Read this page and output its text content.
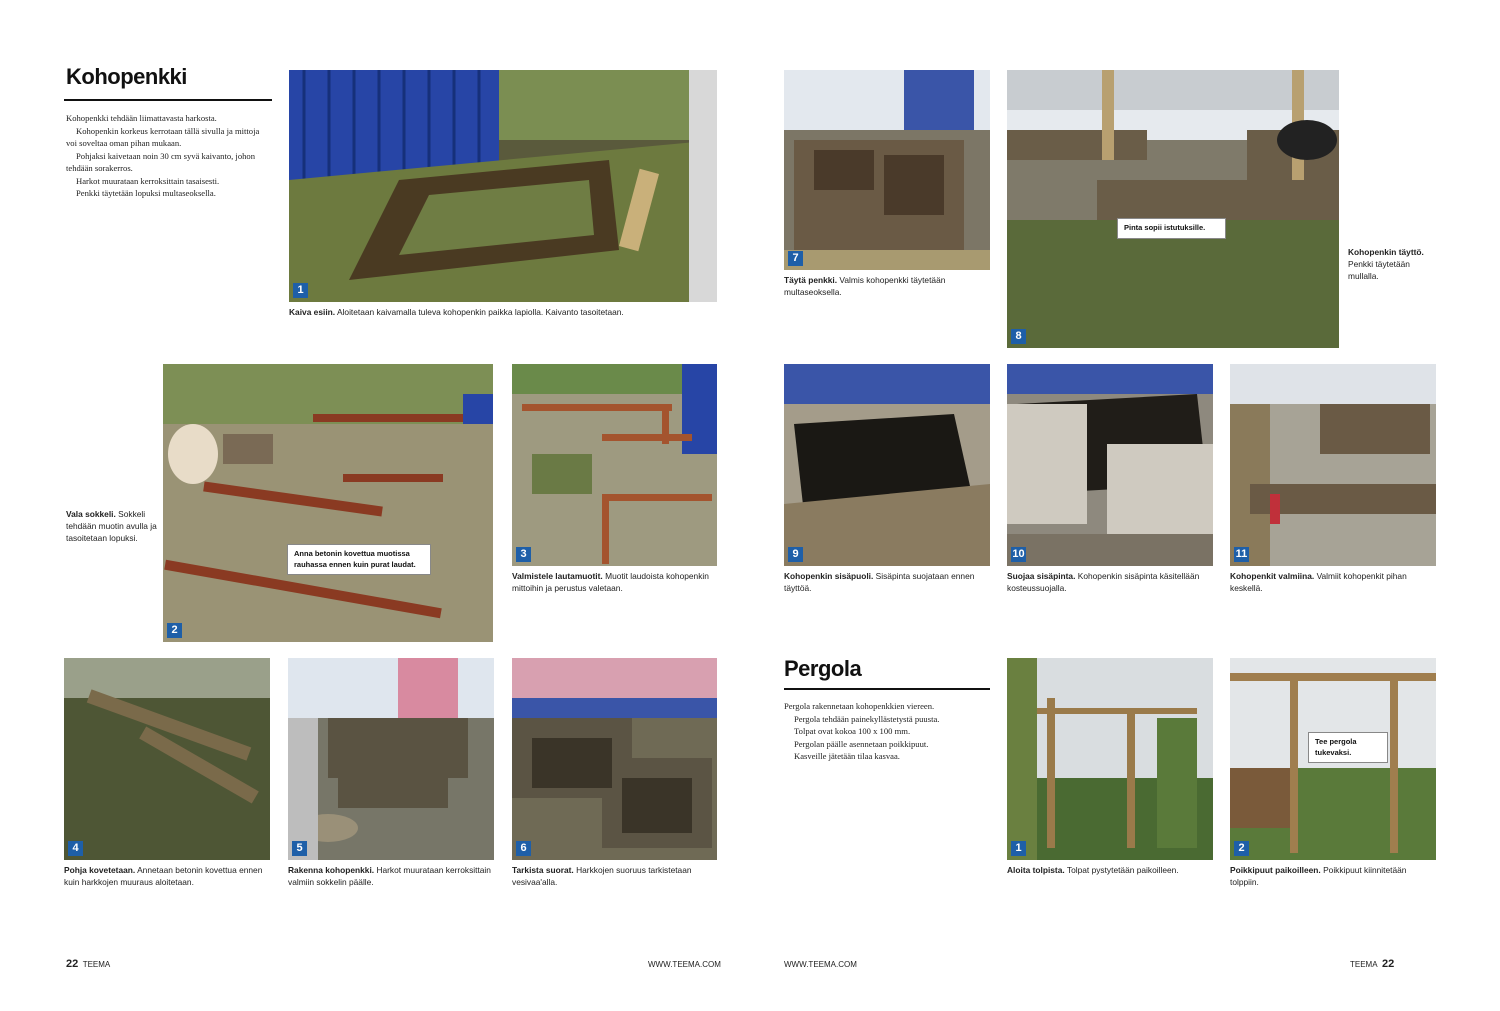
Kohopenkki

Kohopenkki tehdään liimattavasta harkosta.

Kohopenkin korkeus kerrotaan tällä sivulla ja mittoja voi soveltaa oman pihan mukaan.

Pohjaksi kaivetaan noin 30 cm syvä kaivanto, johon tehdään sorakerros.

Harkot muurataan kerroksittain tasaisesti.

Penkki täytetään lopuksi multaseoksella.

1
Kaiva esiin. Aloitetaan kaivamalla tuleva kohopenkin paikka lapiolla. Kaivanto tasoitetaan.
Vala sokkeli. Sokkeli tehdään muotin avulla ja tasoitetaan lopuksi.
Anna betonin kovettua muotissa rauhassa ennen kuin purat laudat.
2
3
Valmistele lautamuotit. Muotit laudoista kohopenkin mittoihin ja perustus valetaan.
4
Pohja kovetetaan. Annetaan betonin kovettua ennen kuin harkkojen muuraus aloitetaan.
5
Rakenna kohopenkki. Harkot muurataan kerroksittain valmiin sokkelin päälle.
6
Tarkista suorat. Harkkojen suoruus tarkistetaan vesivaa'alla.
22 TEEMA	WWW.TEEMA.COM
7
Täytä penkki. Valmis kohopenkki täytetään multaseoksella.
Pinta sopii istutuksille.
8
Kohopenkin täyttö. Penkki täytetään mullalla.
9
Kohopenkin sisäpuoli. Sisäpinta suojataan ennen täyttöä.
10
Suojaa sisäpinta. Kohopenkin sisäpinta käsitellään kosteussuojalla.
11
Kohopenkit valmiina. Valmiit kohopenkit pihan keskellä.
Pergola

Pergola rakennetaan kohopenkkien viereen.

Pergola tehdään painekyllästetystä puusta.

Tolpat ovat kokoa 100 x 100 mm.

Pergolan päälle asennetaan poikkipuut.

Kasveille jätetään tilaa kasvaa.

1
Aloita tolpista. Tolpat pystytetään paikoilleen.
Tee pergola tukevaksi.
2
Poikkipuut paikoilleen. Poikkipuut kiinnitetään tolppiin.
WWW.TEEMA.COM	TEEMA 22
